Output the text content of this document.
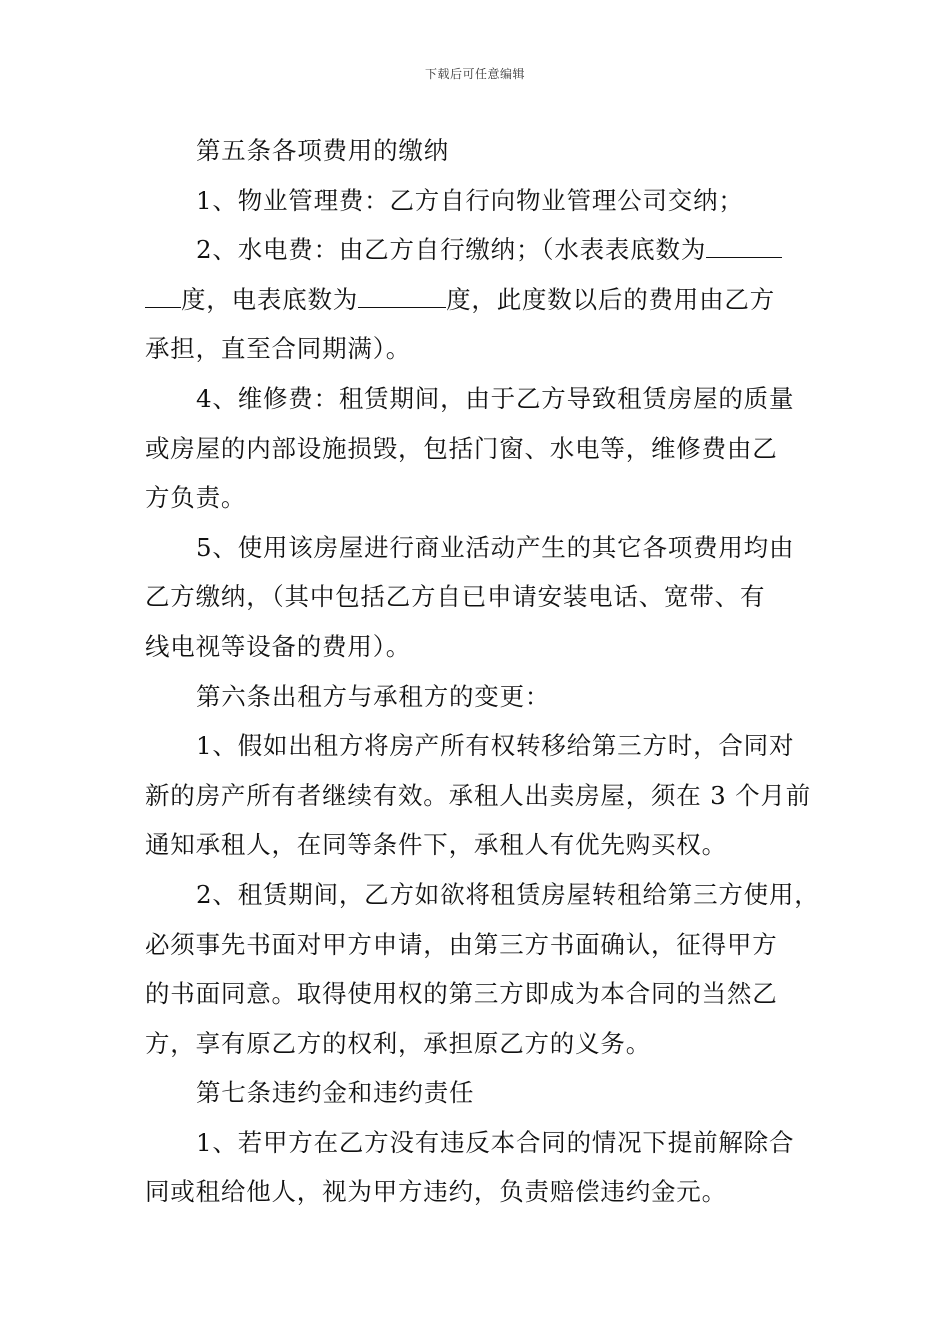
下载后可任意编辑

第五条各项费用的缴纳

1、物业管理费：乙方自行向物业管理公司交纳；

2、水电费：由乙方自行缴纳；（水表表底数为
度，电表底数为	度，此度数以后的费用由乙方
承担，直至合同期满）。
4、维修费：租赁期间，由于乙方导致租赁房屋的质量
或房屋的内部设施损毁，包括门窗、水电等，维修费由乙
方负责。
5、使用该房屋进行商业活动产生的其它各项费用均由
乙方缴纳，（其中包括乙方自已申请安装电话、宽带、有
线电视等设备的费用）。

第六条出租方与承租方的变更：

1、假如出租方将房产所有权转移给第三方时，合同对
新的房产所有者继续有效。承租人出卖房屋，须在 3 个月前
通知承租人，在同等条件下，承租人有优先购买权。
2、租赁期间，乙方如欲将租赁房屋转租给第三方使用，
必须事先书面对甲方申请，由第三方书面确认，征得甲方
的书面同意。取得使用权的第三方即成为本合同的当然乙
方，享有原乙方的权利，承担原乙方的义务。

第七条违约金和违约责任

1、若甲方在乙方没有违反本合同的情况下提前解除合
同或租给他人，视为甲方违约，负责赔偿违约金元。
